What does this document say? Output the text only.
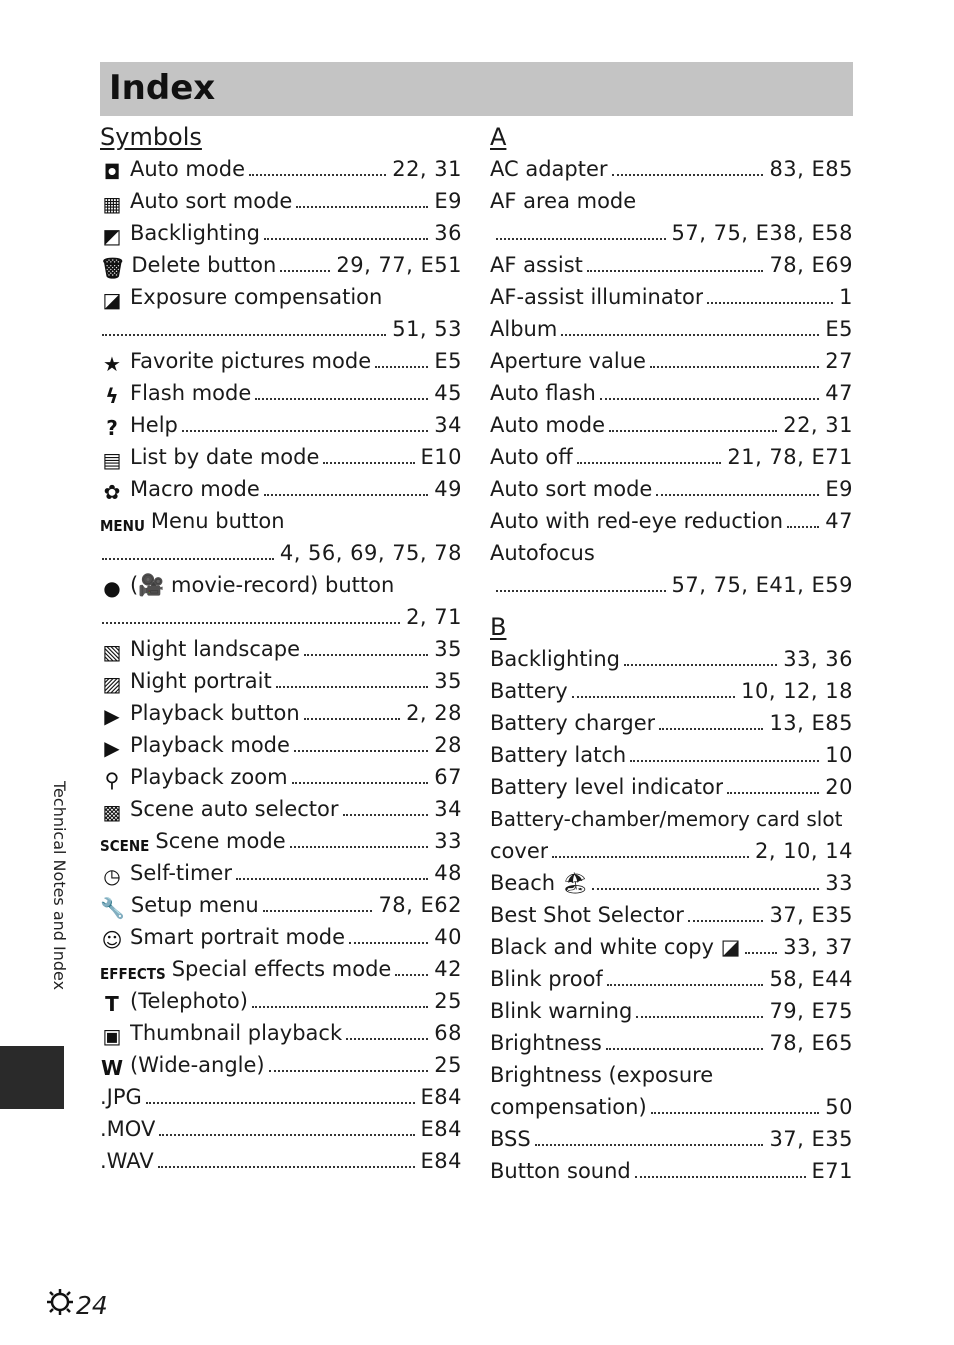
Index
Symbols
◘ Auto mode	22, 31
▦ Auto sort mode	E9
◩ Backlighting	36
🗑 Delete button	29, 77, E51
◪ Exposure compensation
51, 53
★ Favorite pictures mode	E5
ϟ Flash mode	45
? Help	34
▤ List by date mode	E10
✿ Macro mode	49
MENU Menu button
4, 56, 69, 75, 78
● (🎥 movie-record) button
2, 71
▧ Night landscape	35
▨ Night portrait	35
▶ Playback button	2, 28
▶ Playback mode	28
⚲ Playback zoom	67
▩ Scene auto selector	34
SCENE Scene mode	33
◷ Self-timer	48
🔧 Setup menu	78, E62
☺ Smart portrait mode	40
EFFECTS Special effects mode 42
T (Telephoto)	25
▣ Thumbnail playback	68
W (Wide-angle)	25
.JPG	E84
.MOV	E84
.WAV	E84
A
AC adapter	83, E85
AF area mode
57, 75, E38, E58
AF assist	78, E69
AF-assist illuminator	1
Album	E5
Aperture value	27
Auto flash	47
Auto mode	22, 31
Auto off	21, 78, E71
Auto sort mode	E9
Auto with red-eye reduction 47
Autofocus
57, 75, E41, E59
B
Backlighting	33, 36
Battery	10, 12, 18
Battery charger	13, E85
Battery latch	10
Battery level indicator	20
Battery-chamber/memory card slot
cover	2, 10, 14
Beach 🏖	33
Best Shot Selector	37, E35
Black and white copy ◪ 33, 37
Blink proof	58, E44
Blink warning	79, E75
Brightness	78, E65
Brightness (exposure
compensation)	50
BSS	37, E35
Button sound	E71
Technical Notes and Index
24
